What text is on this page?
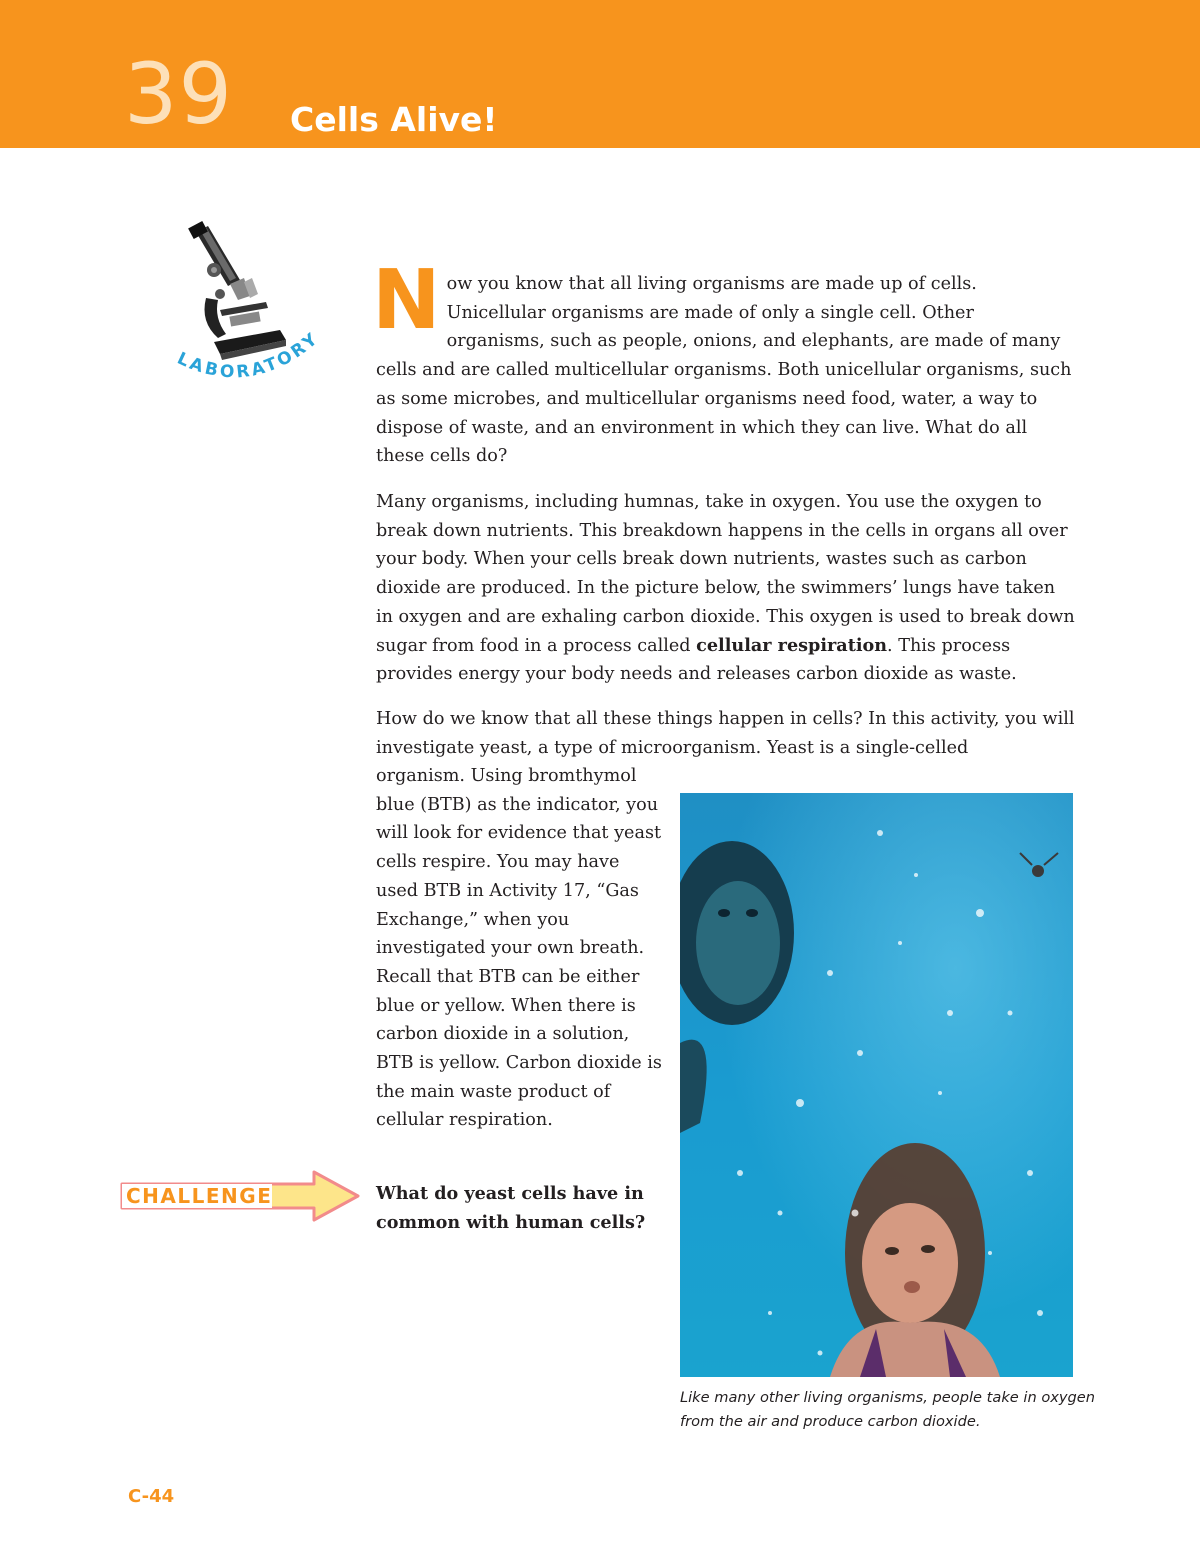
39 Cells Alive!
LABORATORY Now you know that all living organisms are made up of cells. Unicellular organisms are made of only a single cell. Other organisms, such as people, onions, and elephants, are made of many cells and are called multicellular organisms. Both unicellular organisms, such as some microbes, and multicellular organisms need food, water, a way to dispose of waste, and an environment in which they can live. What do all these cells do?

Many organisms, including humnas, take in oxygen. You use the oxygen to break down nutrients. This breakdown happens in the cells in organs all over your body. When your cells break down nutrients, wastes such as carbon dioxide are produced. In the picture below, the swimmers’ lungs have taken in oxygen and are exhaling carbon dioxide. This oxygen is used to break down sugar from food in a process called cellular respiration. This process provides energy your body needs and releases carbon dioxide as waste.

How do we know that all these things happen in cells? In this activity, you will investigate yeast, a type of microorganism. Yeast is a single-celled

organism. Using bromthymol blue (BTB) as the indicator, you will look for evidence that yeast cells respire. You may have used BTB in Activity 17, “Gas Exchange,” when you investigated your own breath. Recall that BTB can be either blue or yellow. When there is carbon dioxide in a solution, BTB is yellow. Carbon dioxide is the main waste product of cellular respiration.

Like many other living organisms, people take in oxygen from the air and produce carbon dioxide.
CHALLENGE	What do yeast cells have in common with human cells?
C-44
